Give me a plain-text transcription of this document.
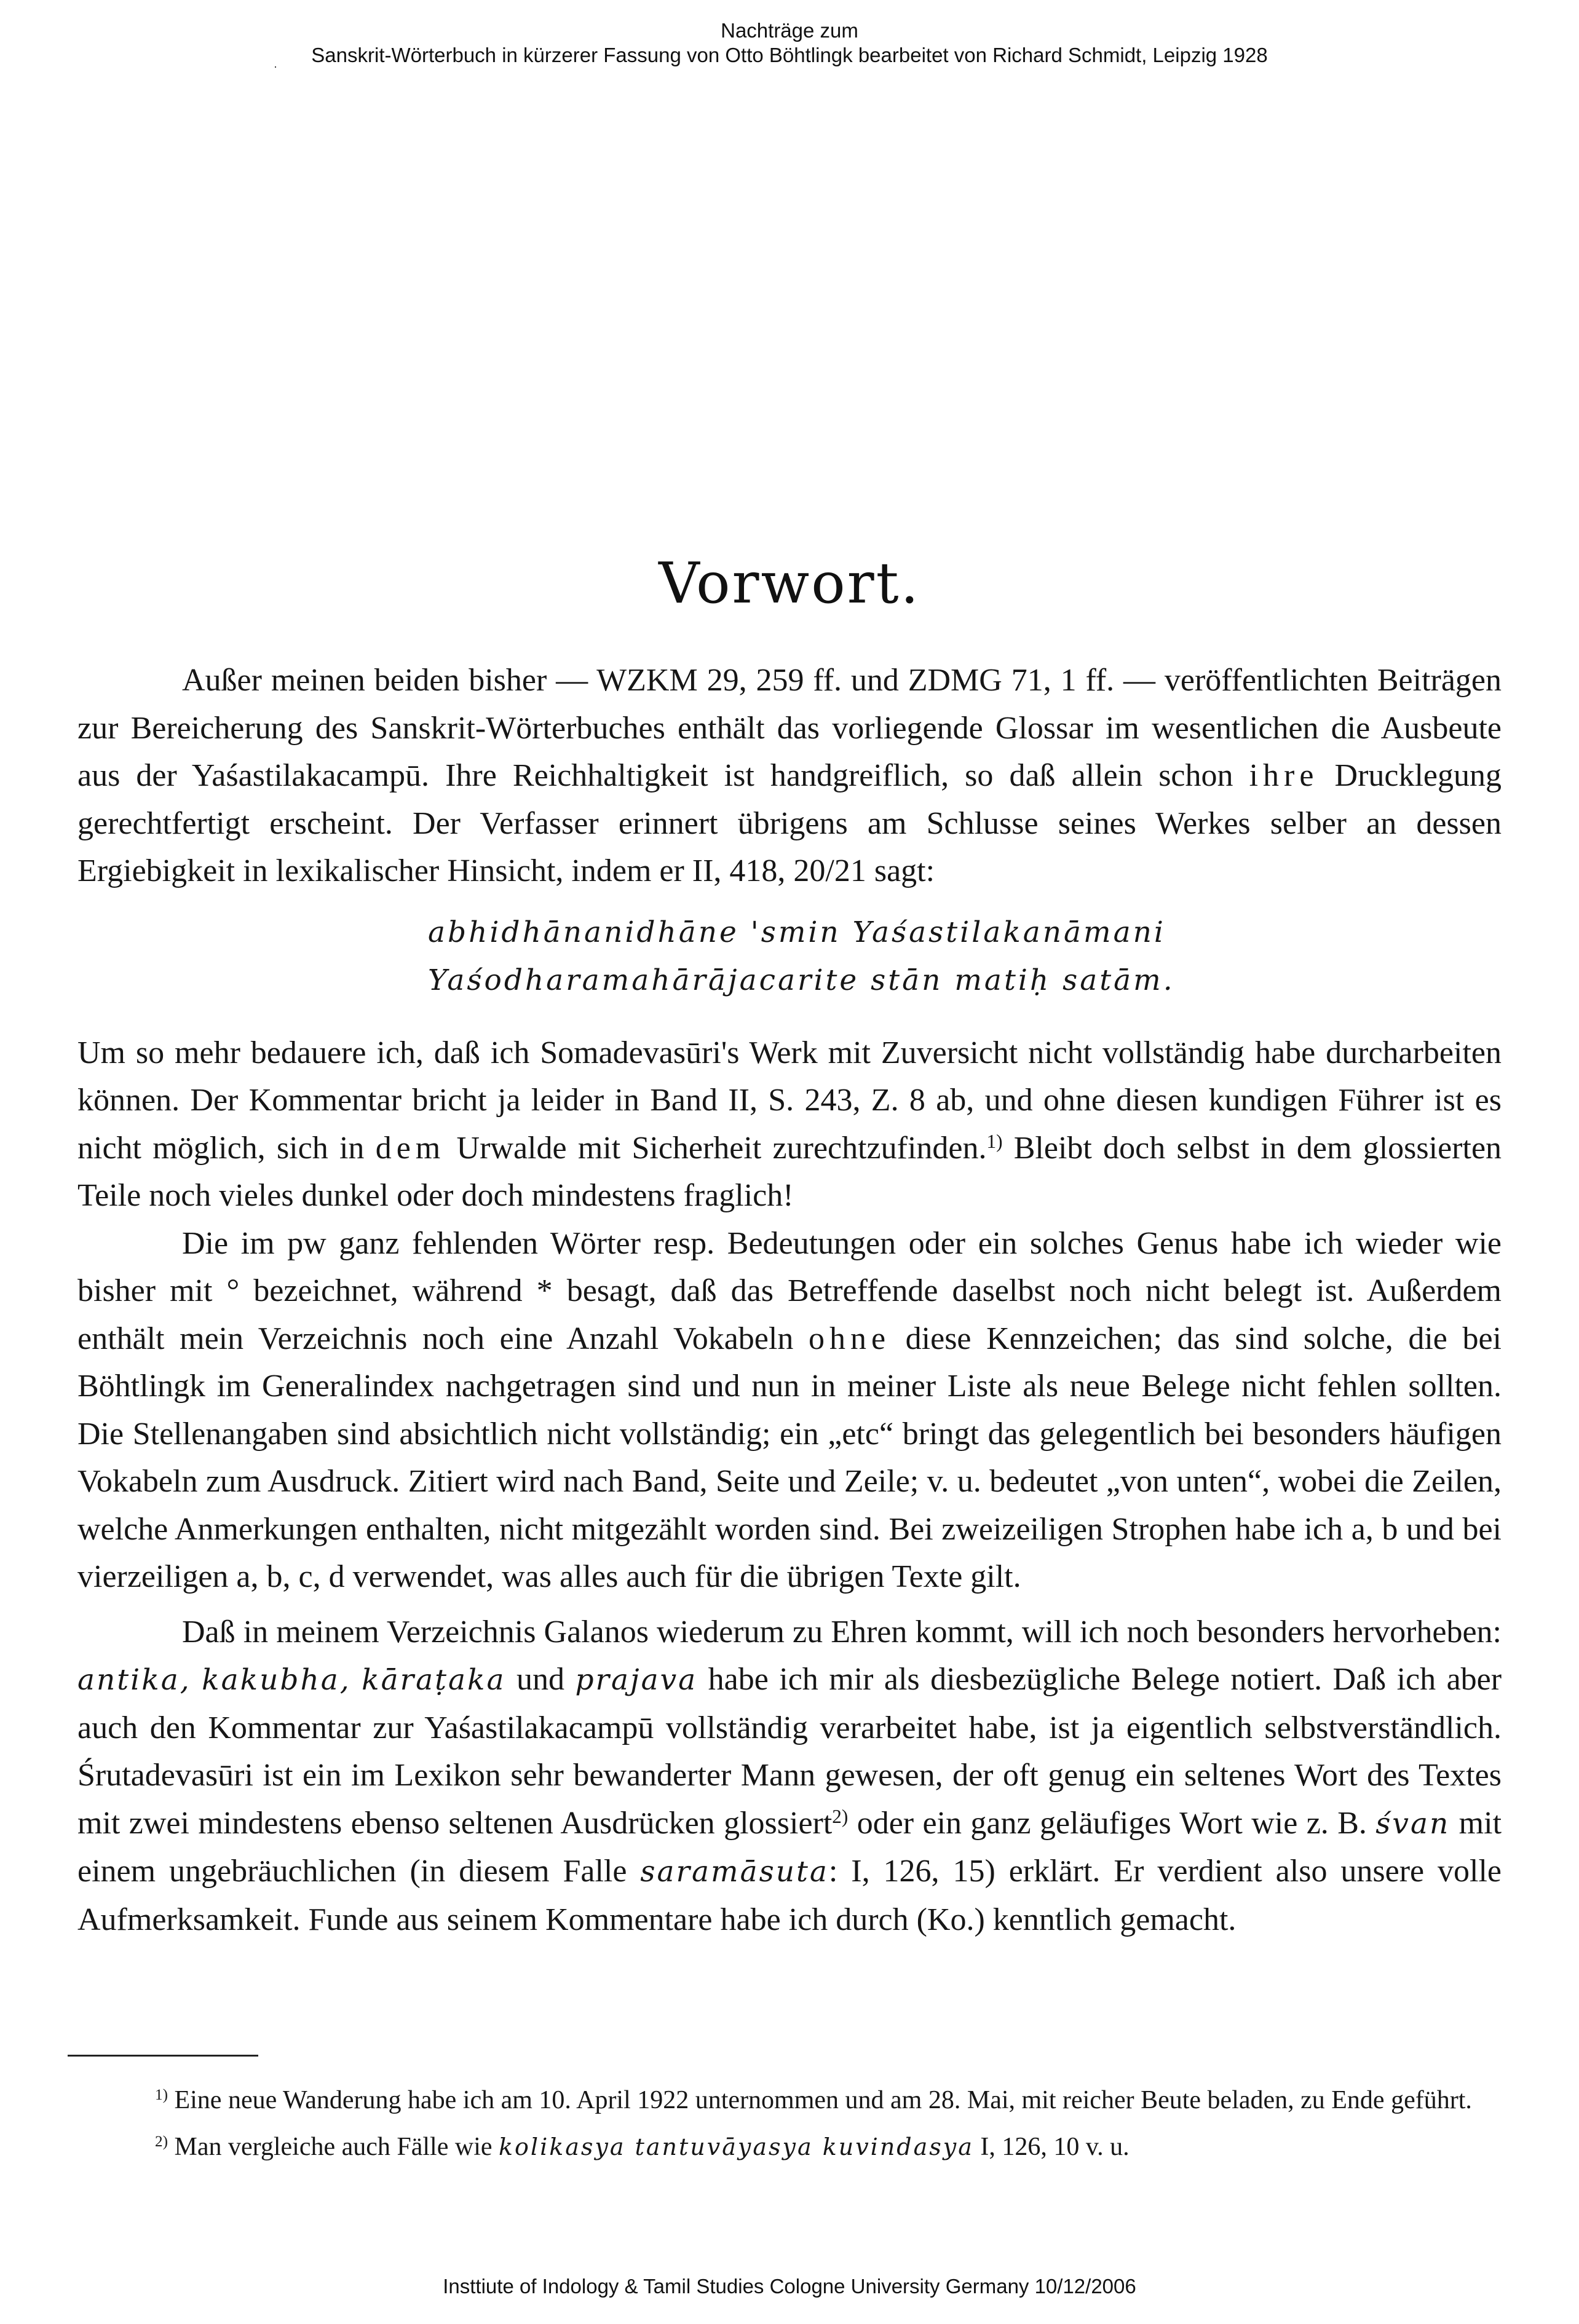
Nachträge zum
Sanskrit-Wörterbuch in kürzerer Fassung von Otto Böhtlingk bearbeitet von Richard Schmidt, Leipzig 1928
·
Vorwort.

Außer meinen beiden bisher — WZKM 29, 259 ff. und ZDMG 71, 1 ff. — veröffentlichten Beiträgen zur Bereicherung des Sanskrit-Wörterbuches enthält das vorliegende Glossar im wesentlichen die Ausbeute aus der Yaśastilakacampū. Ihre Reichhaltigkeit ist handgreiflich, so daß allein schon ihre Drucklegung gerechtfertigt erscheint. Der Verfasser erinnert übrigens am Schlusse seines Werkes selber an dessen Ergiebigkeit in lexikalischer Hinsicht, indem er II, 418, 20/21 sagt:

abhidhānanidhāne 'smin Yaśastilakanāmani
Yaśodharamahārājacarite stān matiḥ satām.

Um so mehr bedauere ich, daß ich Somadevasūri's Werk mit Zuversicht nicht vollständig habe durcharbeiten können. Der Kommentar bricht ja leider in Band II, S. 243, Z. 8 ab, und ohne diesen kundigen Führer ist es nicht möglich, sich in dem Urwalde mit Sicherheit zurechtzufinden.$^{1)}$ Bleibt doch selbst in dem glossierten Teile noch vieles dunkel oder doch mindestens fraglich!

Die im pw ganz fehlenden Wörter resp. Bedeutungen oder ein solches Genus habe ich wieder wie bisher mit ° bezeichnet, während * besagt, daß das Betreffende daselbst noch nicht belegt ist. Außerdem enthält mein Verzeichnis noch eine Anzahl Vokabeln ohne diese Kennzeichen; das sind solche, die bei Böhtlingk im Generalindex nachgetragen sind und nun in meiner Liste als neue Belege nicht fehlen sollten. Die Stellenangaben sind absichtlich nicht vollständig; ein „etc“ bringt das gelegentlich bei besonders häufigen Vokabeln zum Ausdruck. Zitiert wird nach Band, Seite und Zeile; v. u. bedeutet „von unten“, wobei die Zeilen, welche Anmerkungen enthalten, nicht mitgezählt worden sind. Bei zweizeiligen Strophen habe ich a, b und bei vierzeiligen a, b, c, d verwendet, was alles auch für die übrigen Texte gilt.

Daß in meinem Verzeichnis Galanos wiederum zu Ehren kommt, will ich noch besonders hervorheben: antika, kakubha, kāraṭaka und prajava habe ich mir als diesbezügliche Belege notiert. Daß ich aber auch den Kommentar zur Yaśastilakacampū vollständig verarbeitet habe, ist ja eigentlich selbstverständlich. Śrutadevasūri ist ein im Lexikon sehr bewanderter Mann gewesen, der oft genug ein seltenes Wort des Textes mit zwei mindestens ebenso seltenen Ausdrücken glossiert$^{2)}$ oder ein ganz geläufiges Wort wie z. B. śvan mit einem ungebräuchlichen (in diesem Falle saramāsuta: I, 126, 15) erklärt. Er verdient also unsere volle Aufmerksamkeit. Funde aus seinem Kommentare habe ich durch (Ko.) kenntlich gemacht.

$^{1)}$ Eine neue Wanderung habe ich am 10. April 1922 unternommen und am 28. Mai, mit reicher Beute beladen, zu Ende geführt.

$^{2)}$ Man vergleiche auch Fälle wie kolikasya tantuvāyasya kuvindasya I, 126, 10 v. u.

Insttiute of Indology & Tamil Studies Cologne University Germany 10/12/2006
